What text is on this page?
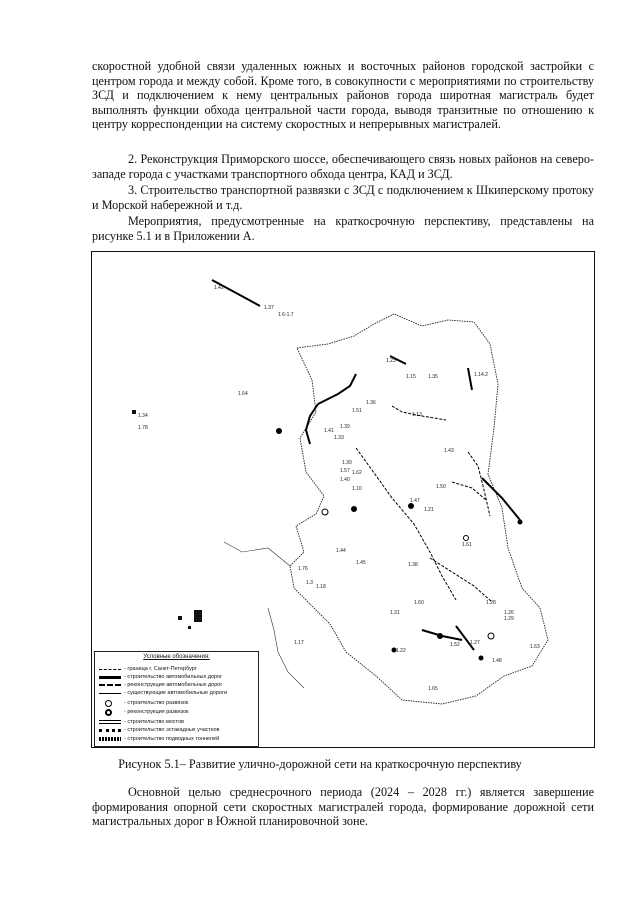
скоростной удобной связи удаленных южных и восточных районов городской застройки с центром города и между собой. Кроме того, в совокупности с мероприятиями по строительству ЗСД и подключением к нему центральных районов города широтная магистраль будет выполнять функции обхода центральной части города, выводя транзитные по отношению к центру корреспонденции на систему скоростных и непрерывных магистралей.

2. Реконструкция Приморского шоссе, обеспечивающего связь новых районов на северо-западе города с участками транспортного обхода центра, КАД и ЗСД.

3. Строительство транспортной развязки с ЗСД с подключением к Шкиперскому протоку и Морской набережной и т.д.

Мероприятия, предусмотренные на краткосрочную перспективу, представлены на рисунке 5.1 и в Приложении А.

1.42
1.37
1.6-1.7
1.23
1.15 1.35	1.14.2
1.64
1.51
1.36
1.13
1.34
1.78	1.41
1.33
1.39
1.43
1.30
1.57 1.62
1.40
1.10
1.47
1.21
1.50
1.61
1.44
1.45	1.38
1.76
1.3
1.18
1.31
1.60
1.17
1.22
1.27
1.52
1.48
1.63
1.65
1.29
1.28
1.26
Условные обозначения:
- граница г. Санкт-Петербург
- строительство автомобильных дорог
- реконструкция автомобильных дорог
- существующие автомобильные дороги
- строительство развязок
- реконструкция развязок
- строительство мостов
- строительство эстакадных участков
- строительство подводных тоннелей
Рисунок 5.1– Развитие улично-дорожной сети на краткосрочную перспективу

Основной целью среднесрочного периода (2024 – 2028 гг.) является завершение формирования опорной сети скоростных магистралей города, формирование дорожной сети магистральных дорог в Южной планировочной зоне.
